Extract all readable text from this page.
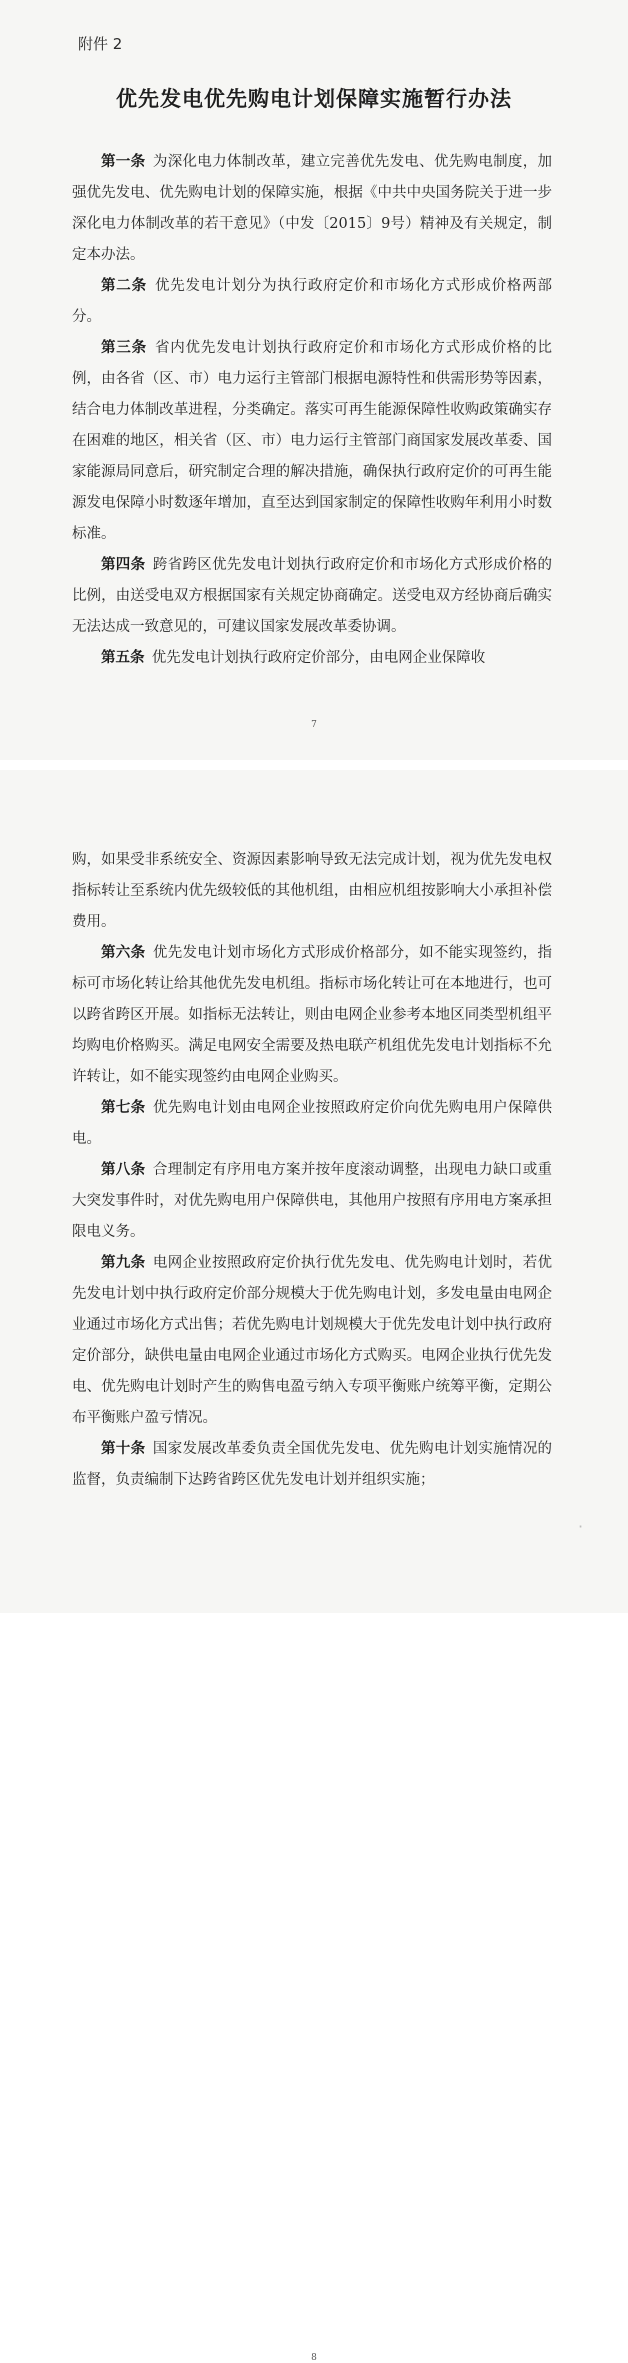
附件 2
优先发电优先购电计划保障实施暂行办法

第一条  为深化电力体制改革，建立完善优先发电、优先购电制度，加强优先发电、优先购电计划的保障实施，根据《中共中央国务院关于进一步深化电力体制改革的若干意见》（中发〔2015〕9号）精神及有关规定，制定本办法。

第二条  优先发电计划分为执行政府定价和市场化方式形成价格两部分。

第三条  省内优先发电计划执行政府定价和市场化方式形成价格的比例，由各省（区、市）电力运行主管部门根据电源特性和供需形势等因素，结合电力体制改革进程，分类确定。落实可再生能源保障性收购政策确实存在困难的地区，相关省（区、市）电力运行主管部门商国家发展改革委、国家能源局同意后，研究制定合理的解决措施，确保执行政府定价的可再生能源发电保障小时数逐年增加，直至达到国家制定的保障性收购年利用小时数标准。

第四条  跨省跨区优先发电计划执行政府定价和市场化方式形成价格的比例，由送受电双方根据国家有关规定协商确定。送受电双方经协商后确实无法达成一致意见的，可建议国家发展改革委协调。

第五条  优先发电计划执行政府定价部分，由电网企业保障收

7
8

购，如果受非系统安全、资源因素影响导致无法完成计划，视为优先发电权指标转让至系统内优先级较低的其他机组，由相应机组按影响大小承担补偿费用。

第六条  优先发电计划市场化方式形成价格部分，如不能实现签约，指标可市场化转让给其他优先发电机组。指标市场化转让可在本地进行，也可以跨省跨区开展。如指标无法转让，则由电网企业参考本地区同类型机组平均购电价格购买。满足电网安全需要及热电联产机组优先发电计划指标不允许转让，如不能实现签约由电网企业购买。

第七条  优先购电计划由电网企业按照政府定价向优先购电用户保障供电。

第八条  合理制定有序用电方案并按年度滚动调整，出现电力缺口或重大突发事件时，对优先购电用户保障供电，其他用户按照有序用电方案承担限电义务。

第九条  电网企业按照政府定价执行优先发电、优先购电计划时，若优先发电计划中执行政府定价部分规模大于优先购电计划，多发电量由电网企业通过市场化方式出售；若优先购电计划规模大于优先发电计划中执行政府定价部分，缺供电量由电网企业通过市场化方式购买。电网企业执行优先发电、优先购电计划时产生的购售电盈亏纳入专项平衡账户统筹平衡，定期公布平衡账户盈亏情况。

第十条  国家发展改革委负责全国优先发电、优先购电计划实施情况的监督，负责编制下达跨省跨区优先发电计划并组织实施；

·
